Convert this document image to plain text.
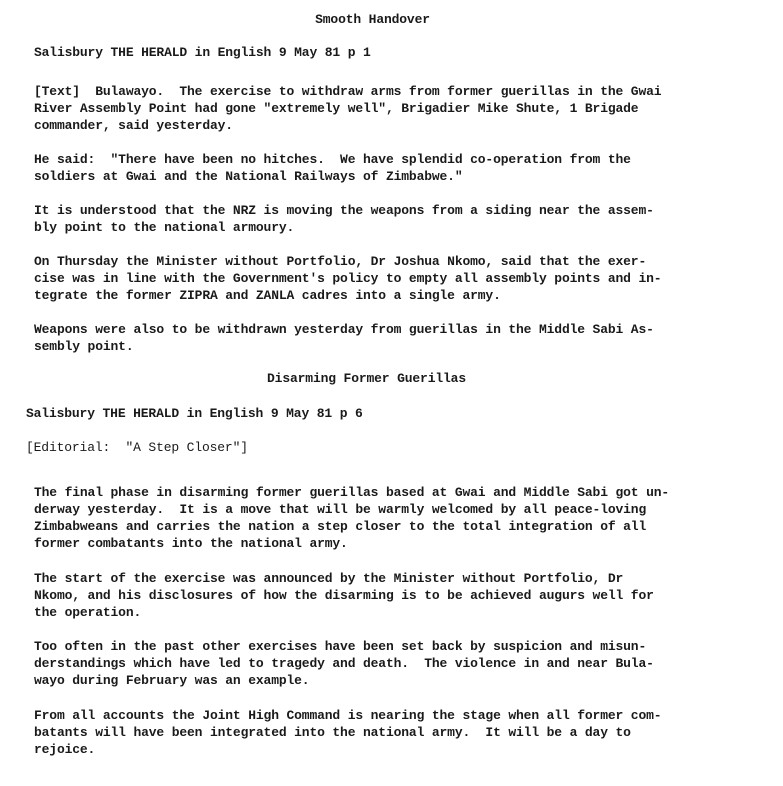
Smooth Handover
Salisbury THE HERALD in English 9 May 81 p 1
[Text]  Bulawayo.  The exercise to withdraw arms from former guerillas in the Gwai
River Assembly Point had gone "extremely well", Brigadier Mike Shute, 1 Brigade
commander, said yesterday.
He said:  "There have been no hitches.  We have splendid co-operation from the
soldiers at Gwai and the National Railways of Zimbabwe."
It is understood that the NRZ is moving the weapons from a siding near the assem-
bly point to the national armoury.
On Thursday the Minister without Portfolio, Dr Joshua Nkomo, said that the exer-
cise was in line with the Government's policy to empty all assembly points and in-
tegrate the former ZIPRA and ZANLA cadres into a single army.
Weapons were also to be withdrawn yesterday from guerillas in the Middle Sabi As-
sembly point.
Disarming Former Guerillas
Salisbury THE HERALD in English 9 May 81 p 6
[Editorial:  "A Step Closer"]
The final phase in disarming former guerillas based at Gwai and Middle Sabi got un-
derway yesterday.  It is a move that will be warmly welcomed by all peace-loving
Zimbabweans and carries the nation a step closer to the total integration of all
former combatants into the national army.
The start of the exercise was announced by the Minister without Portfolio, Dr
Nkomo, and his disclosures of how the disarming is to be achieved augurs well for
the operation.
Too often in the past other exercises have been set back by suspicion and misun-
derstandings which have led to tragedy and death.  The violence in and near Bula-
wayo during February was an example.
From all accounts the Joint High Command is nearing the stage when all former com-
batants will have been integrated into the national army.  It will be a day to
rejoice.
